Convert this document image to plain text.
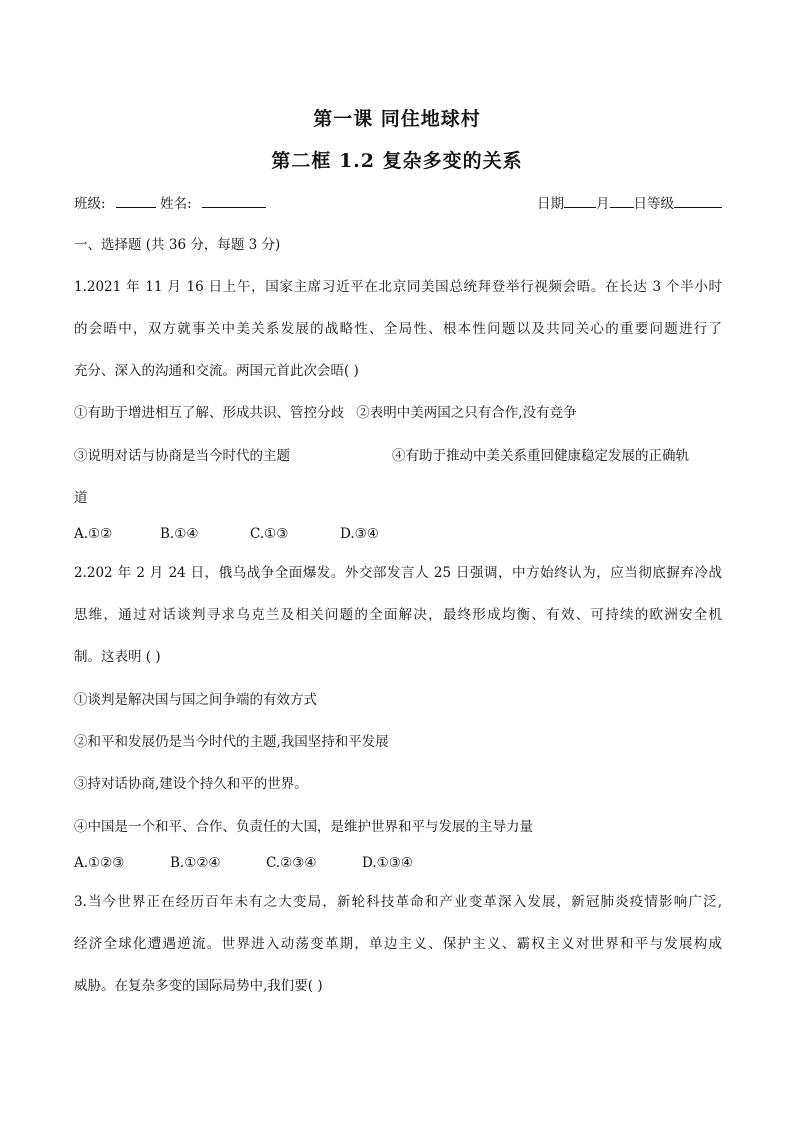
第一课 同住地球村
第二框 1.2 复杂多变的关系
班级:	姓名:	日期 月 日等级
一、选择题 (共 36 分，每题 3 分)
1.2021 年 11 月 16 日上午，国家主席习近平在北京同美国总统拜登举行视频会晤。在长达 3 个半小时
的会晤中，双方就事关中美关系发展的战略性、全局性、根本性问题以及共同关心的重要问题进行了
充分、深入的沟通和交流。两国元首此次会晤( )
①有助于增进相互了解、形成共识、管控分歧 ②表明中美两国之只有合作,没有竞争
③说明对话与协商是当今时代的主题	④有助于推动中美关系重回健康稳定发展的正确轨
道
A.①②	B.①④	C.①③	D.③④
2.202 年 2 月 24 日，俄乌战争全面爆发。外交部发言人 25 日强调，中方始终认为，应当彻底摒弃冷战
思维，通过对话谈判寻求乌克兰及相关问题的全面解决，最终形成均衡、有效、可持续的欧洲安全机
制。这表明 ( )
①谈判是解决国与国之间争端的有效方式
②和平和发展仍是当今时代的主题,我国坚持和平发展
③持对话协商,建设个持久和平的世界。
④中国是一个和平、合作、负责任的大国，是维护世界和平与发展的主导力量
A.①②③	B.①②④	C.②③④	D.①③④
3.当今世界正在经历百年未有之大变局，新轮科技革命和产业变革深入发展，新冠肺炎疫情影响广泛,
经济全球化遭遇逆流。世界进入动荡变革期，单边主义、保护主义、霸权主义对世界和平与发展构成
威胁。在复杂多变的国际局势中,我们要( )
